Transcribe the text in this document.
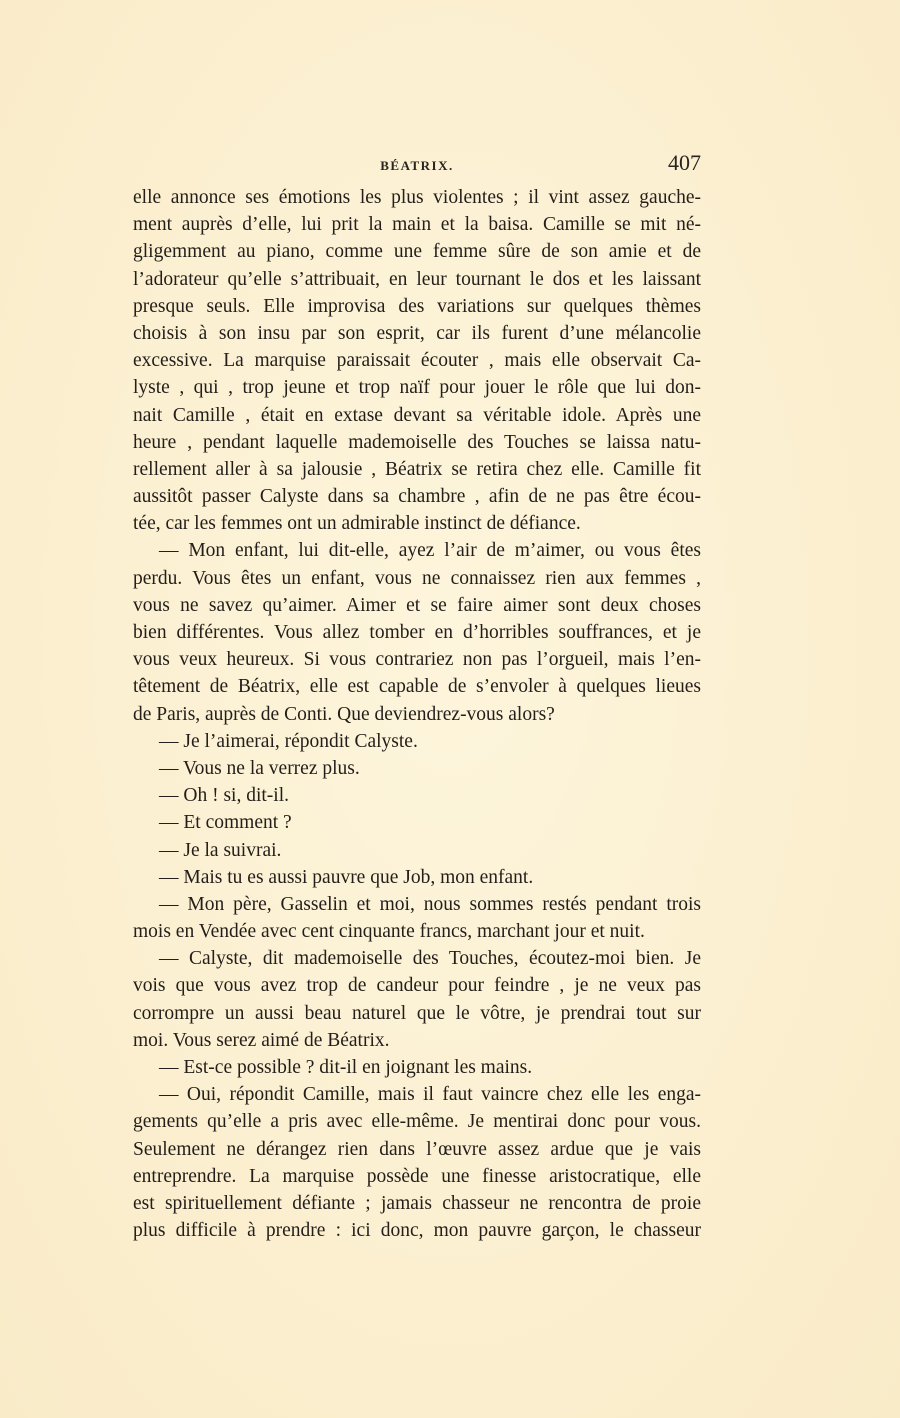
BÉATRIX.	407
elle annonce ses émotions les plus violentes ; il vint assez gauche-
ment auprès d’elle, lui prit la main et la baisa. Camille se mit né-
gligemment au piano, comme une femme sûre de son amie et de
l’adorateur qu’elle s’attribuait, en leur tournant le dos et les laissant
presque seuls. Elle improvisa des variations sur quelques thèmes
choisis à son insu par son esprit, car ils furent d’une mélancolie
excessive. La marquise paraissait écouter , mais elle observait Ca-
lyste , qui , trop jeune et trop naïf pour jouer le rôle que lui don-
nait Camille , était en extase devant sa véritable idole. Après une
heure , pendant laquelle mademoiselle des Touches se laissa natu-
rellement aller à sa jalousie , Béatrix se retira chez elle. Camille fit
aussitôt passer Calyste dans sa chambre , afin de ne pas être écou-
tée, car les femmes ont un admirable instinct de défiance.
— Mon enfant, lui dit-elle, ayez l’air de m’aimer, ou vous êtes
perdu. Vous êtes un enfant, vous ne connaissez rien aux femmes ,
vous ne savez qu’aimer. Aimer et se faire aimer sont deux choses
bien différentes. Vous allez tomber en d’horribles souffrances, et je
vous veux heureux. Si vous contrariez non pas l’orgueil, mais l’en-
têtement de Béatrix, elle est capable de s’envoler à quelques lieues
de Paris, auprès de Conti. Que deviendrez-vous alors?
— Je l’aimerai, répondit Calyste.
— Vous ne la verrez plus.
— Oh ! si, dit-il.
— Et comment ?
— Je la suivrai.
— Mais tu es aussi pauvre que Job, mon enfant.
— Mon père, Gasselin et moi, nous sommes restés pendant trois
mois en Vendée avec cent cinquante francs, marchant jour et nuit.
— Calyste, dit mademoiselle des Touches, écoutez-moi bien. Je
vois que vous avez trop de candeur pour feindre , je ne veux pas
corrompre un aussi beau naturel que le vôtre, je prendrai tout sur
moi. Vous serez aimé de Béatrix.
— Est-ce possible ? dit-il en joignant les mains.
— Oui, répondit Camille, mais il faut vaincre chez elle les enga-
gements qu’elle a pris avec elle-même. Je mentirai donc pour vous.
Seulement ne dérangez rien dans l’œuvre assez ardue que je vais
entreprendre. La marquise possède une finesse aristocratique, elle
est spirituellement défiante ; jamais chasseur ne rencontra de proie
plus difficile à prendre : ici donc, mon pauvre garçon, le chasseur
